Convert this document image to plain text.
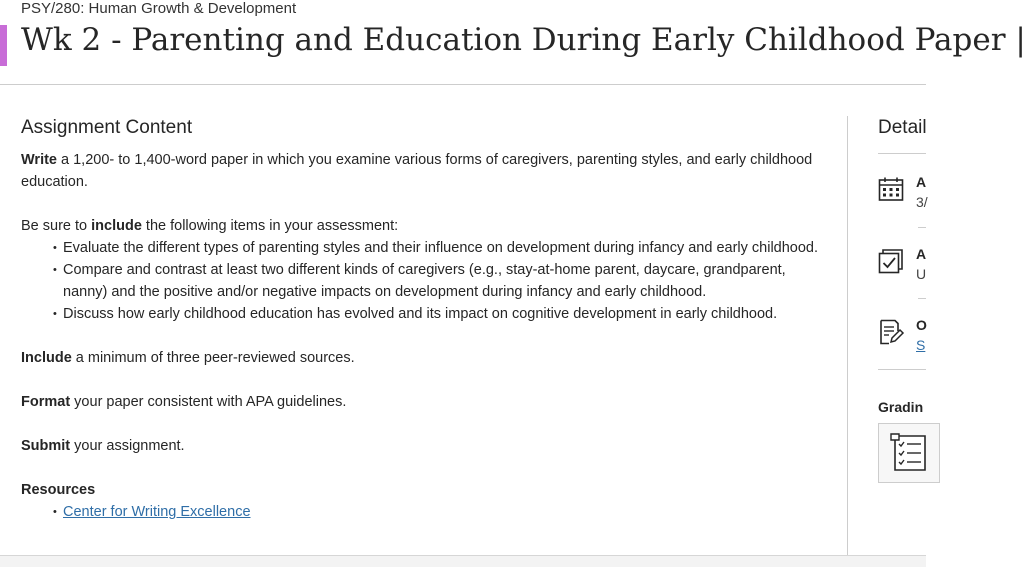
PSY/280: Human Growth & Development
Wk 2 - Parenting and Education During Early Childhood Paper |
Assignment Content

Write a 1,200- to 1,400-word paper in which you examine various forms of caregivers, parenting styles, and early childhood education.

Be sure to include the following items in your assessment:

• Evaluate the different types of parenting styles and their influence on development during infancy and early childhood.
• Compare and contrast at least two different kinds of caregivers (e.g., stay-at-home parent, daycare, grandparent, nanny) and the positive and/or negative impacts on development during infancy and early childhood.
• Discuss how early childhood education has evolved and its impact on cognitive development in early childhood.

Include a minimum of three peer-reviewed sources.

Format your paper consistent with APA guidelines.

Submit your assignment.

Resources

• Center for Writing Excellence
Detail
A
3/
A
U
O
S
Gradin
